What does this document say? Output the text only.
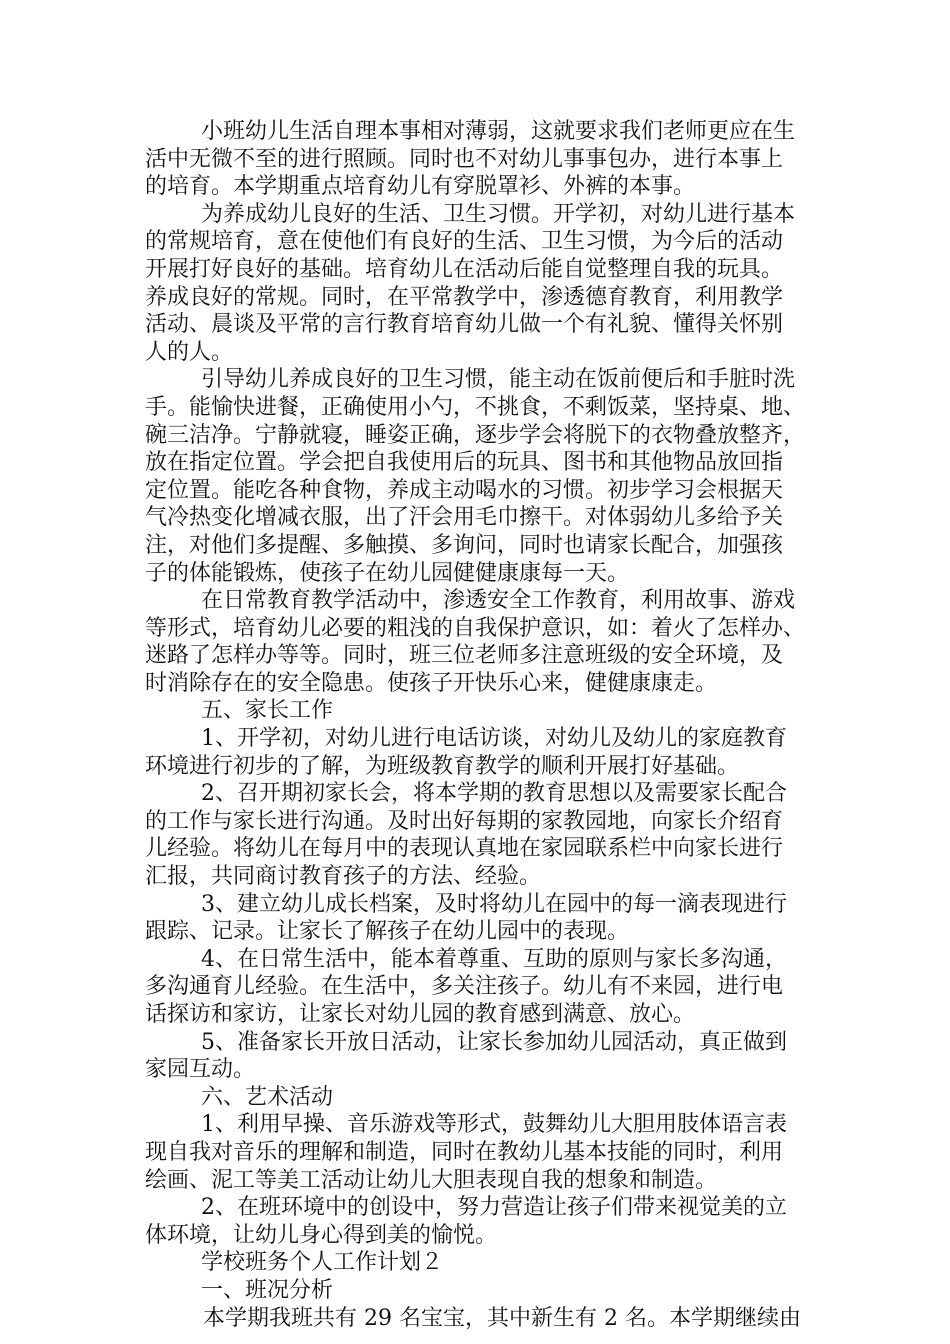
小班幼儿生活自理本事相对薄弱，这就要求我们老师更应在生
活中无微不至的进行照顾。同时也不对幼儿事事包办，进行本事上
的培育。本学期重点培育幼儿有穿脱罩衫、外裤的本事。
为养成幼儿良好的生活、卫生习惯。开学初，对幼儿进行基本
的常规培育，意在使他们有良好的生活、卫生习惯，为今后的活动
开展打好良好的基础。培育幼儿在活动后能自觉整理自我的玩具。
养成良好的常规。同时，在平常教学中，渗透德育教育，利用教学
活动、晨谈及平常的言行教育培育幼儿做一个有礼貌、懂得关怀别
人的人。
引导幼儿养成良好的卫生习惯，能主动在饭前便后和手脏时洗
手。能愉快进餐，正确使用小勺，不挑食，不剩饭菜，坚持桌、地、
碗三洁净。宁静就寝，睡姿正确，逐步学会将脱下的衣物叠放整齐，
放在指定位置。学会把自我使用后的玩具、图书和其他物品放回指
定位置。能吃各种食物，养成主动喝水的习惯。初步学习会根据天
气冷热变化增减衣服，出了汗会用毛巾擦干。对体弱幼儿多给予关
注，对他们多提醒、多触摸、多询问，同时也请家长配合，加强孩
子的体能锻炼，使孩子在幼儿园健健康康每一天。
在日常教育教学活动中，渗透安全工作教育，利用故事、游戏
等形式，培育幼儿必要的粗浅的自我保护意识，如：着火了怎样办、
迷路了怎样办等等。同时，班三位老师多注意班级的安全环境，及
时消除存在的安全隐患。使孩子开快乐心来，健健康康走。
五、家长工作
1、开学初，对幼儿进行电话访谈，对幼儿及幼儿的家庭教育
环境进行初步的了解，为班级教育教学的顺利开展打好基础。
2、召开期初家长会，将本学期的教育思想以及需要家长配合
的工作与家长进行沟通。及时出好每期的家教园地，向家长介绍育
儿经验。将幼儿在每月中的表现认真地在家园联系栏中向家长进行
汇报，共同商讨教育孩子的方法、经验。
3、建立幼儿成长档案，及时将幼儿在园中的每一滴表现进行
跟踪、记录。让家长了解孩子在幼儿园中的表现。
4、在日常生活中，能本着尊重、互助的原则与家长多沟通，
多沟通育儿经验。在生活中，多关注孩子。幼儿有不来园，进行电
话探访和家访，让家长对幼儿园的教育感到满意、放心。
5、准备家长开放日活动，让家长参加幼儿园活动，真正做到
家园互动。
六、艺术活动
1、利用早操、音乐游戏等形式，鼓舞幼儿大胆用肢体语言表
现自我对音乐的理解和制造，同时在教幼儿基本技能的同时，利用
绘画、泥工等美工活动让幼儿大胆表现自我的想象和制造。
2、在班环境中的创设中，努力营造让孩子们带来视觉美的立
体环境，让幼儿身心得到美的愉悦。
学校班务个人工作计划２
一、班况分析
本学期我班共有 29 名宝宝，其中新生有 2 名。本学期继续由
